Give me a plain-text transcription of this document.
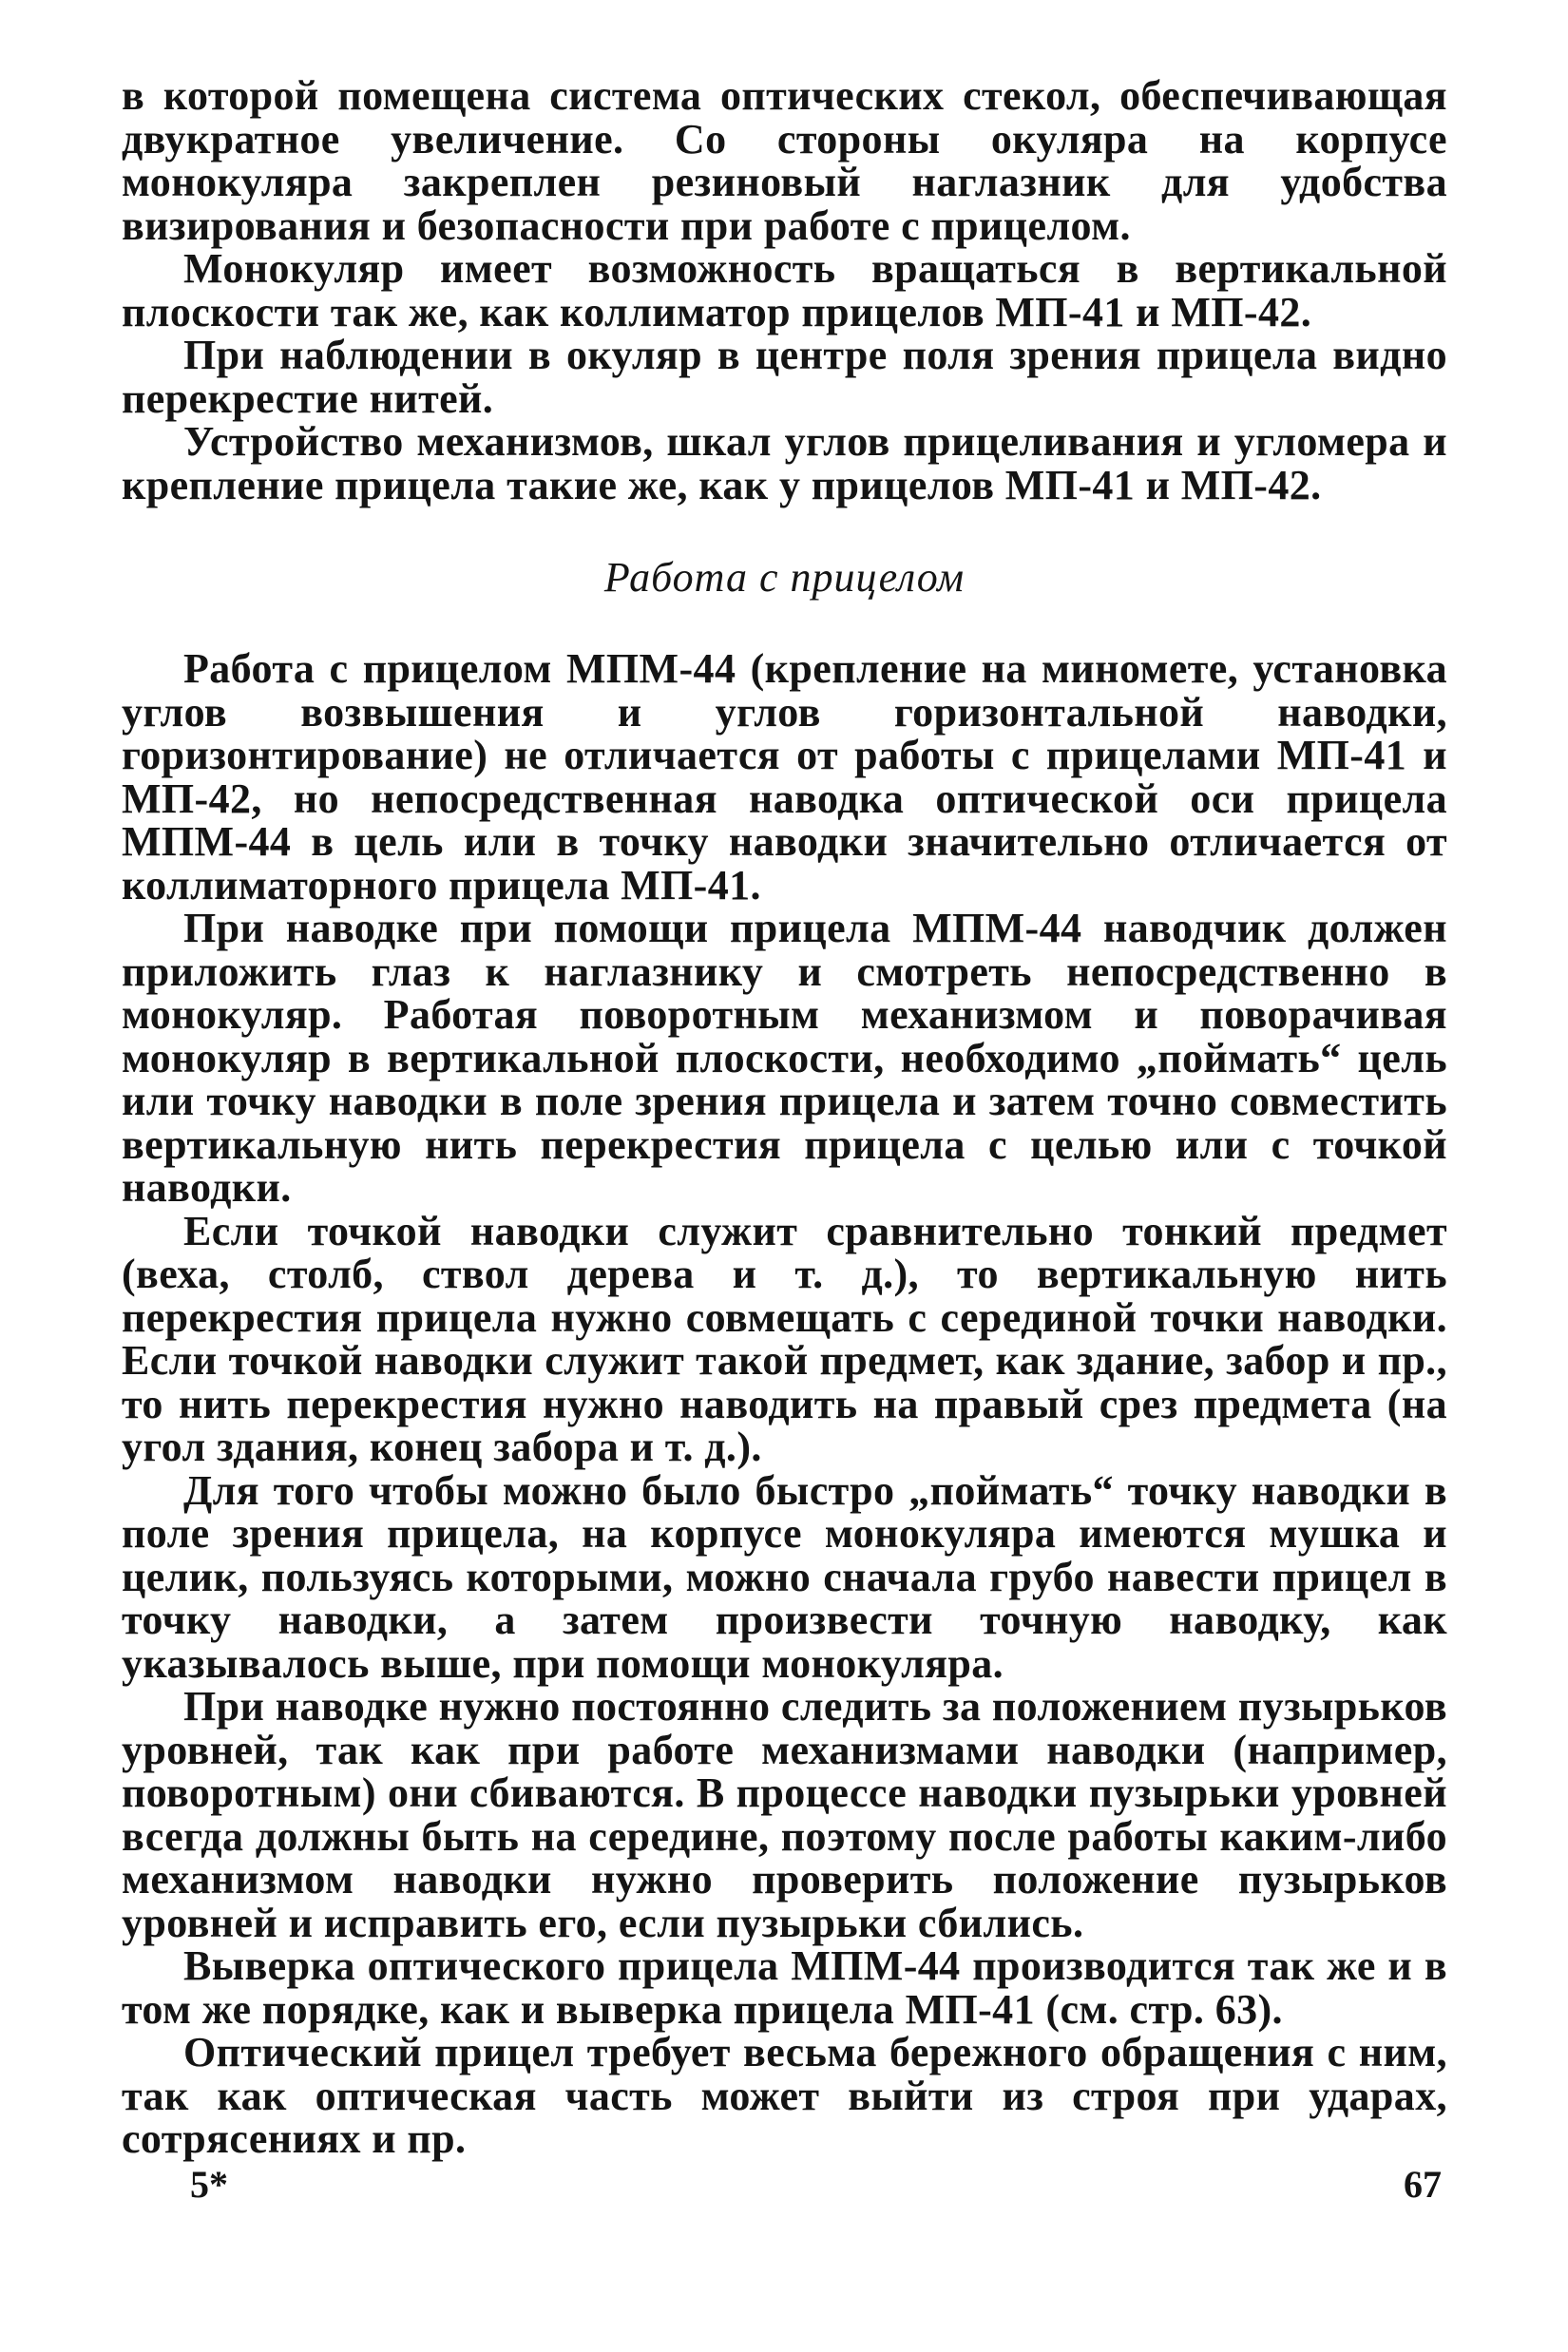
в которой помещена система оптических стекол, обеспечивающая двукратное увеличение. Со стороны окуляра на корпусе монокуляра закреплен резиновый наглазник для удобства визирования и безопасности при работе с прицелом.

Монокуляр имеет возможность вращаться в вертикальной плоскости так же, как коллиматор прицелов МП-41 и МП-42.

При наблюдении в окуляр в центре поля зрения прицела видно перекрестие нитей.

Устройство механизмов, шкал углов прицеливания и угломера и крепление прицела такие же, как у прицелов МП-41 и МП-42.

Работа с прицелом

Работа с прицелом МПМ-44 (крепление на миномете, установка углов возвышения и углов горизонтальной наводки, горизонтирование) не отличается от работы с прицелами МП-41 и МП-42, но непосредственная наводка оптической оси прицела МПМ-44 в цель или в точку наводки значительно отличается от коллиматорного прицела МП-41.

При наводке при помощи прицела МПМ-44 наводчик должен приложить глаз к наглазнику и смотреть непосредственно в монокуляр. Работая поворотным механизмом и поворачивая монокуляр в вертикальной плоскости, необходимо „поймать“ цель или точку наводки в поле зрения прицела и затем точно совместить вертикальную нить перекрестия прицела с целью или с точкой наводки.

Если точкой наводки служит сравнительно тонкий предмет (веха, столб, ствол дерева и т. д.), то вертикальную нить перекрестия прицела нужно совмещать с серединой точки наводки. Если точкой наводки служит такой предмет, как здание, забор и пр., то нить перекрестия нужно наводить на правый срез предмета (на угол здания, конец забора и т. д.).

Для того чтобы можно было быстро „поймать“ точку наводки в поле зрения прицела, на корпусе монокуляра имеются мушка и целик, пользуясь которыми, можно сначала грубо навести прицел в точку наводки, а затем произвести точную наводку, как указывалось выше, при помощи монокуляра.

При наводке нужно постоянно следить за положением пузырьков уровней, так как при работе механизмами наводки (например, поворотным) они сбиваются. В процессе наводки пузырьки уровней всегда должны быть на середине, поэтому после работы каким-либо механизмом наводки нужно проверить положение пузырьков уровней и исправить его, если пузырьки сбились.

Выверка оптического прицела МПМ-44 производится так же и в том же порядке, как и выверка прицела МП-41 (см. стр. 63).

Оптический прицел требует весьма бережного обращения с ним, так как оптическая часть может выйти из строя при ударах, сотрясениях и пр.

5*	67
